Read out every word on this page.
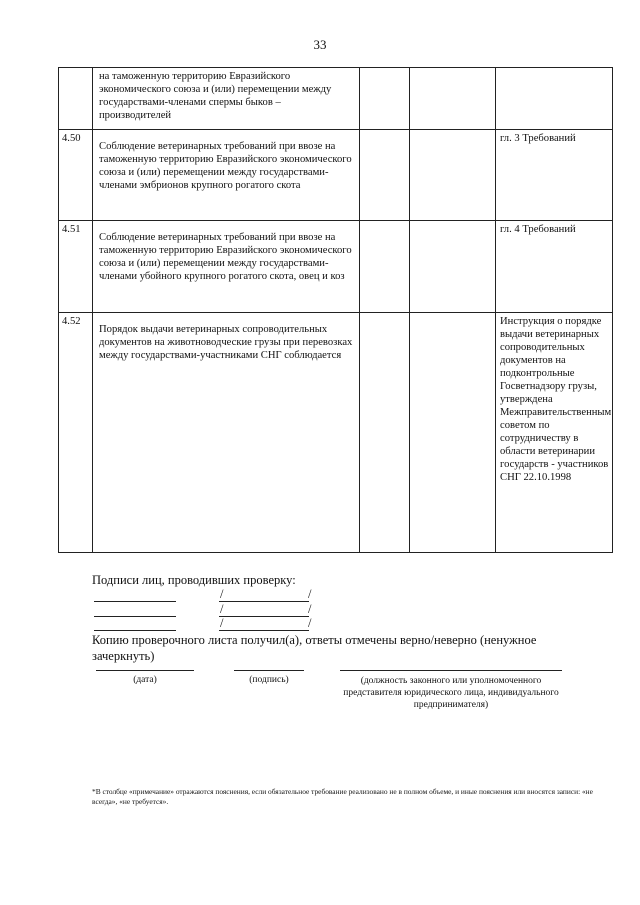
33

	на таможенную территорию Евразийского экономического союза и (или) перемещении между государствами-членами спермы быков – производителей			

4.50	Соблюдение ветеринарных требований при ввозе на таможенную территорию Евразийского экономического союза и (или) перемещении между государствами-членами эмбрионов крупного рогатого скота			гл. 3 Требований

4.51	Соблюдение ветеринарных требований при ввозе на таможенную территорию Евразийского экономического союза и (или) перемещении между государствами-членами убойного крупного рогатого скота, овец и коз			гл. 4 Требований

4.52	Порядок выдачи ветеринарных сопроводительных документов на животноводческие грузы при перевозках между государствами-участниками СНГ соблюдается			Инструкция о порядке выдачи ветеринарных сопроводительных документов на подконтрольные Госветнадзору грузы, утверждена Межправительственным советом по сотрудничеству в области ветеринарии государств - участников СНГ 22.10.1998
Подписи лиц, проводивших проверку:
/	/
/	/
/	/
Копию проверочного листа получил(а), ответы отмечены верно/неверно (ненужное зачеркнуть)
(дата)	(подпись)	(должность законного или уполномоченного представителя юридического лица, индивидуального предпринимателя)
*В столбце «примечание» отражаются пояснения, если обязательное требование реализовано не в полном объеме, и иные пояснения или вносятся записи: «не всегда», «не требуется».
